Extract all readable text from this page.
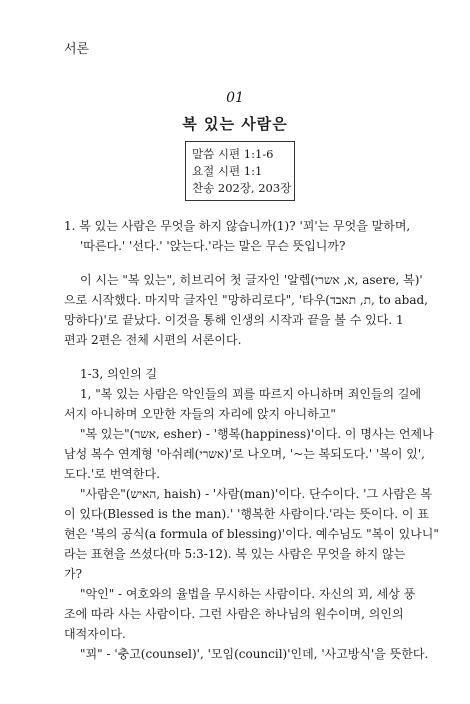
서론
01
복 있는 사람은
말씀 시편 1:1-6
요절 시편 1:1
찬송 202장, 203장
1. 복 있는 사람은 무엇을 하지 않습니까(1)? '꾀'는 무엇을 말하며,
'따른다.' '선다.' '앉는다.'라는 말은 무슨 뜻입니까?
이 시는 "복 있는", 히브리어 첫 글자인 '알렙(א, אשרי, asere, 복)'
으로 시작했다. 마지막 글자인 "망하리로다", '타우(ת, תאבד, to abad,
망하다)'로 끝났다. 이것을 통해 인생의 시작과 끝을 볼 수 있다. 1
편과 2편은 전체 시편의 서론이다.
1-3, 의인의 길
1, "복 있는 사람은 악인들의 꾀를 따르지 아니하며 죄인들의 길에
서지 아니하며 오만한 자들의 자리에 앉지 아니하고"
"복 있는"(אשר, esher) - '행복(happiness)'이다. 이 명사는 언제나
남성 복수 연계형 '아쉬레(אשרי)'로 나오며, '~는 복되도다.' '복이 있',
도다.'로 번역한다.
"사람은"(האיש, haish) - '사람(man)'이다. 단수이다. '그 사람은 복
이 있다(Blessed is the man).' '행복한 사람이다.'라는 뜻이다. 이 표
현은 '복의 공식(a formula of blessing)'이다. 예수님도 "복이 있나니"
라는 표현을 쓰셨다(마 5:3-12). 복 있는 사람은 무엇을 하지 않는
가?
"악인" - 여호와의 율법을 무시하는 사람이다. 자신의 꾀, 세상 풍
조에 따라 사는 사람이다. 그런 사람은 하나님의 원수이며, 의인의
대적자이다.
"꾀" - '충고(counsel)', '모임(council)'인데, '사고방식'을 뜻한다.
